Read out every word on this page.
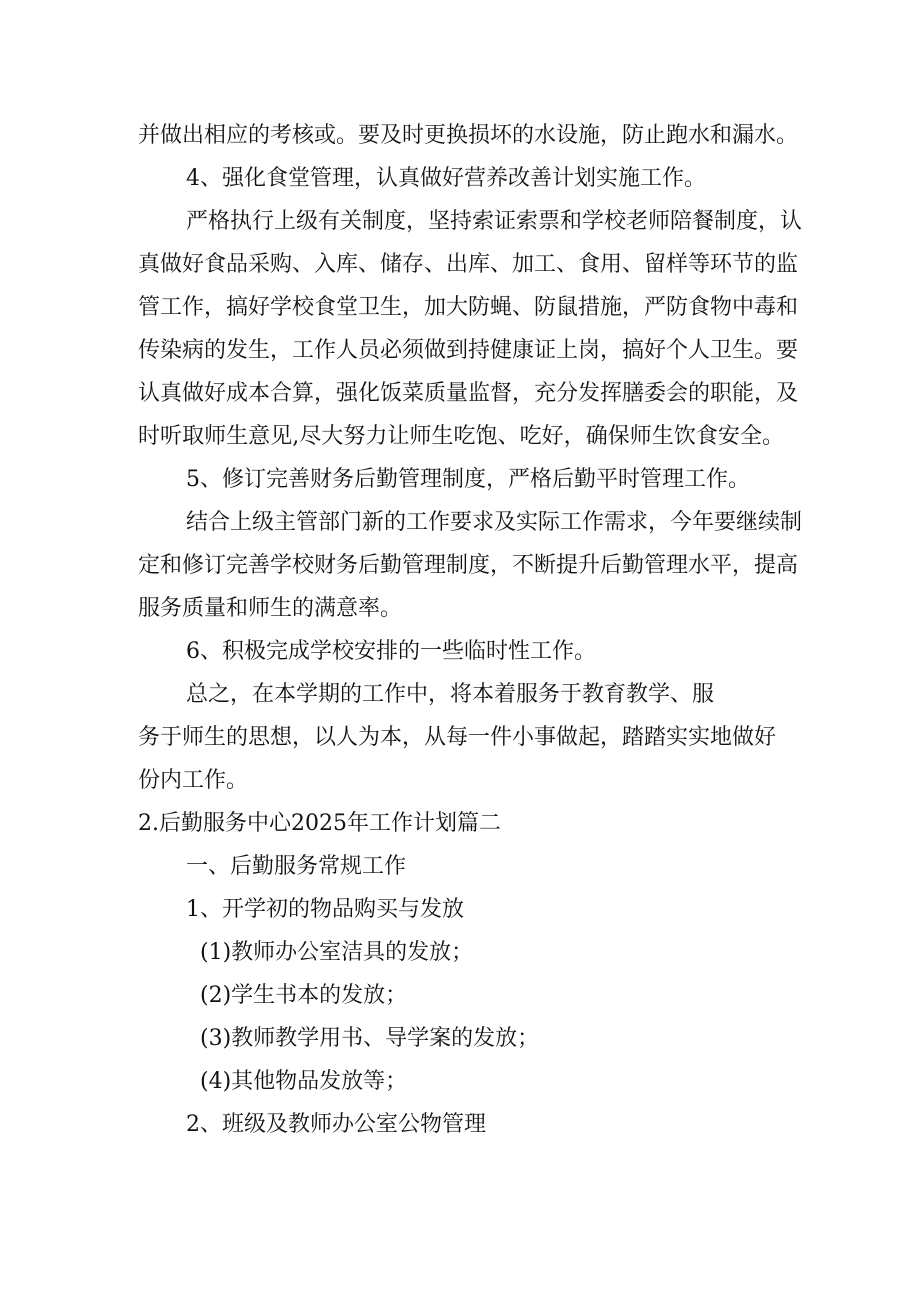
并做出相应的考核或。要及时更换损坏的水设施，防止跑水和漏水。
4、强化食堂管理，认真做好营养改善计划实施工作。
严格执行上级有关制度，坚持索证索票和学校老师陪餐制度，认
真做好食品采购、入库、储存、出库、加工、食用、留样等环节的监
管工作，搞好学校食堂卫生，加大防蝇、防鼠措施，严防食物中毒和
传染病的发生，工作人员必须做到持健康证上岗，搞好个人卫生。要
认真做好成本合算，强化饭菜质量监督，充分发挥膳委会的职能，及
时听取师生意见,尽大努力让师生吃饱、吃好，确保师生饮食安全。
5、修订完善财务后勤管理制度，严格后勤平时管理工作。
结合上级主管部门新的工作要求及实际工作需求，今年要继续制
定和修订完善学校财务后勤管理制度，不断提升后勤管理水平，提高
服务质量和师生的满意率。
6、积极完成学校安排的一些临时性工作。
总之，在本学期的工作中，将本着服务于教育教学、服
务于师生的思想，以人为本，从每一件小事做起，踏踏实实地做好
份内工作。
2.后勤服务中心2025年工作计划篇二
一、后勤服务常规工作
1、开学初的物品购买与发放
(1)教师办公室洁具的发放；
(2)学生书本的发放；
(3)教师教学用书、导学案的发放；
(4)其他物品发放等；
2、班级及教师办公室公物管理
